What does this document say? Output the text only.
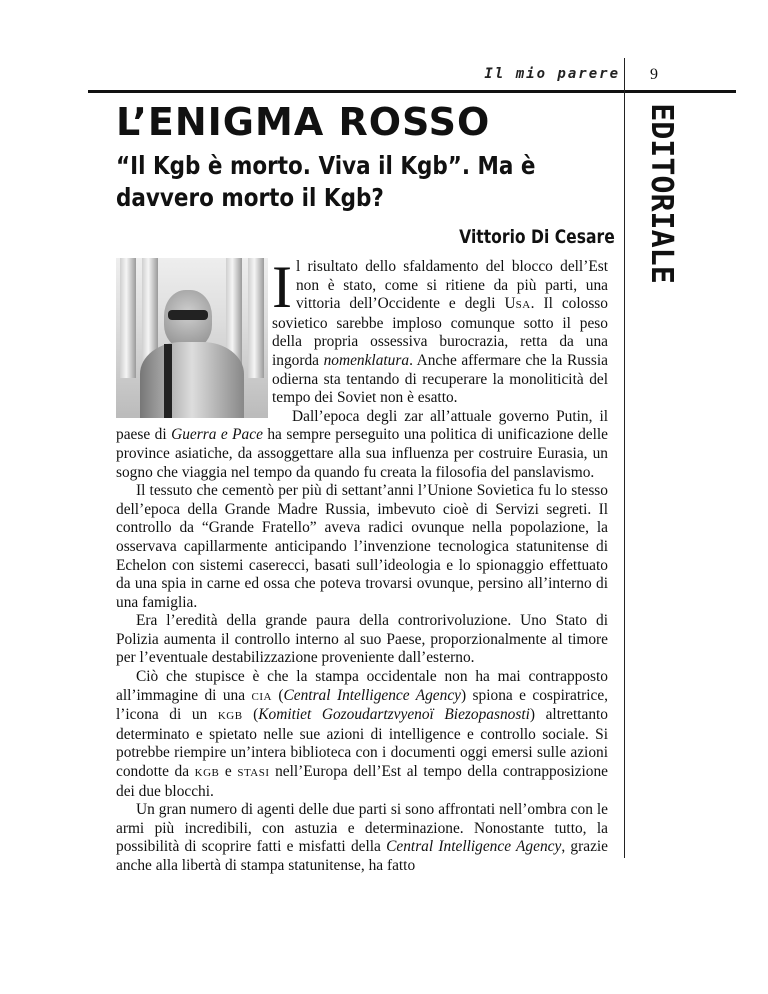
Il mio parere 9
EDITORIALE
L’ENIGMA ROSSO
“Il Kgb è morto. Viva il Kgb”. Ma è davvero morto il Kgb?
Vittorio Di Cesare

Il risultato dello sfaldamento del blocco dell’Est non è stato, come si ritiene da più parti, una vittoria dell’Occidente e degli USA. Il colosso sovietico sarebbe imploso comunque sotto il peso della propria ossessiva burocrazia, retta da una ingorda nomenklatura. Anche affermare che la Russia odierna sta tentando di recuperare la monoliticità del tempo dei Soviet non è esatto.

Dall’epoca degli zar all’attuale governo Putin, il paese di Guerra e Pace ha sempre perseguito una politica di unificazione delle province asiatiche, da assoggettare alla sua influenza per costruire Eurasia, un sogno che viaggia nel tempo da quando fu creata la filosofia del panslavismo.

Il tessuto che cementò per più di settant’anni l’Unione Sovietica fu lo stesso dell’epoca della Grande Madre Russia, imbevuto cioè di Servizi segreti. Il controllo da “Grande Fratello” aveva radici ovunque nella popolazione, la osservava capillarmente anticipando l’invenzione tecnologica statunitense di Echelon con sistemi caserecci, basati sull’ideologia e lo spionaggio effettuato da una spia in carne ed ossa che poteva trovarsi ovunque, persino all’interno di una famiglia.

Era l’eredità della grande paura della controrivoluzione. Uno Stato di Polizia aumenta il controllo interno al suo Paese, proporzionalmente al timore per l’eventuale destabilizzazione proveniente dall’esterno.

Ciò che stupisce è che la stampa occidentale non ha mai contrapposto all’immagine di una CIA (Central Intelligence Agency) spiona e cospiratrice, l’icona di un KGB (Komitiet Gozoudartzvyenoï Biezopasnosti) altrettanto determinato e spietato nelle sue azioni di intelligence e controllo sociale. Si potrebbe riempire un’intera biblioteca con i documenti oggi emersi sulle azioni condotte da KGB e STASI nell’Europa dell’Est al tempo della contrapposizione dei due blocchi.

Un gran numero di agenti delle due parti si sono affrontati nell’ombra con le armi più incredibili, con astuzia e determinazione. Nonostante tutto, la possibilità di scoprire fatti e misfatti della Central Intelligence Agency, grazie anche alla libertà di stampa statunitense, ha fatto
